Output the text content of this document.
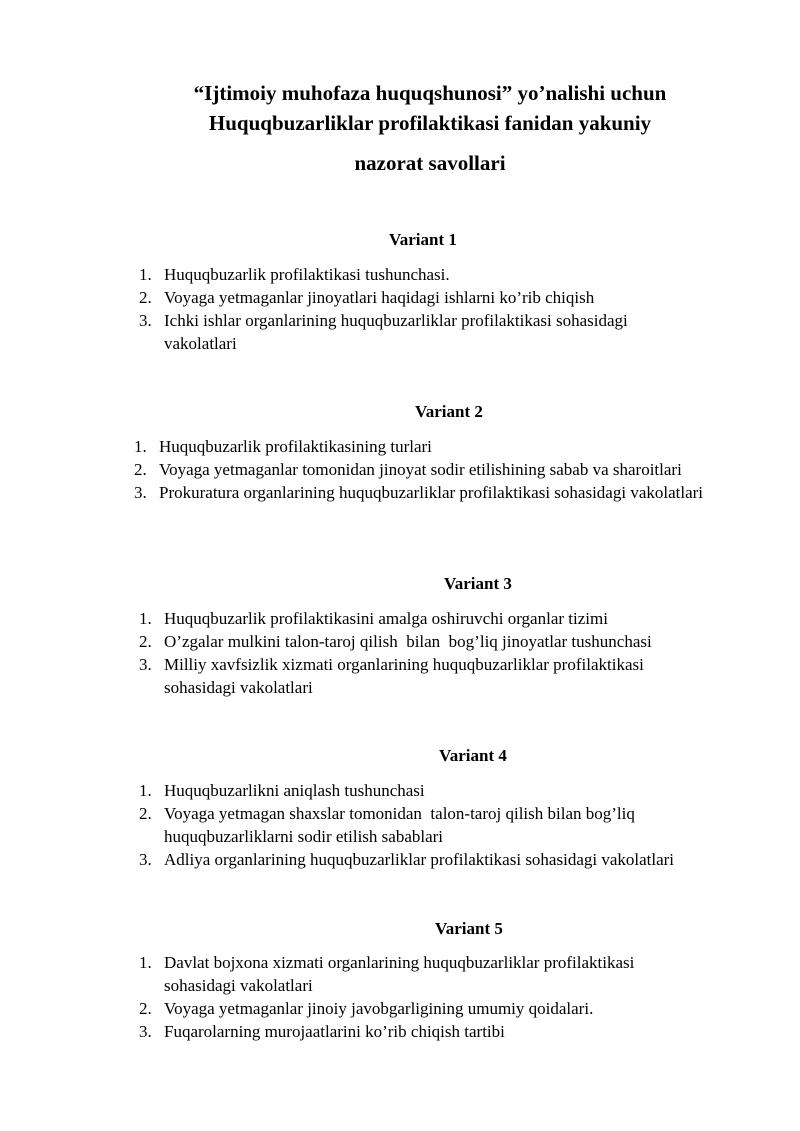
“Ijtimoiy muhofaza huquqshunosi” yo’nalishi uchun
Huquqbuzarliklar profilaktikasi fanidan yakuniy
nazorat savollari
Variant 1
1. Huquqbuzarlik profilaktikasi tushunchasi.
2. Voyaga yetmaganlar jinoyatlari haqidagi ishlarni ko’rib chiqish
3. Ichki ishlar organlarining huquqbuzarliklar profilaktikasi sohasidagi vakolatlari
Variant 2
1. Huquqbuzarlik profilaktikasining turlari
2. Voyaga yetmaganlar tomonidan jinoyat sodir etilishining sabab va sharoitlari
3. Prokuratura organlarining huquqbuzarliklar profilaktikasi sohasidagi vakolatlari
Variant 3
1. Huquqbuzarlik profilaktikasini amalga oshiruvchi organlar tizimi
2. O’zgalar mulkini talon-taroj qilish  bilan  bog’liq jinoyatlar tushunchasi
3. Milliy xavfsizlik xizmati organlarining huquqbuzarliklar profilaktikasi sohasidagi vakolatlari
Variant 4
1. Huquqbuzarlikni aniqlash tushunchasi
2. Voyaga yetmagan shaxslar tomonidan  talon-taroj qilish bilan bog’liq huquqbuzarliklarni sodir etilish sabablari
3. Adliya organlarining huquqbuzarliklar profilaktikasi sohasidagi vakolatlari
Variant 5
1. Davlat bojxona xizmati organlarining huquqbuzarliklar profilaktikasi sohasidagi vakolatlari
2. Voyaga yetmaganlar jinoiy javobgarligining umumiy qoidalari.
3. Fuqarolarning murojaatlarini ko’rib chiqish tartibi
